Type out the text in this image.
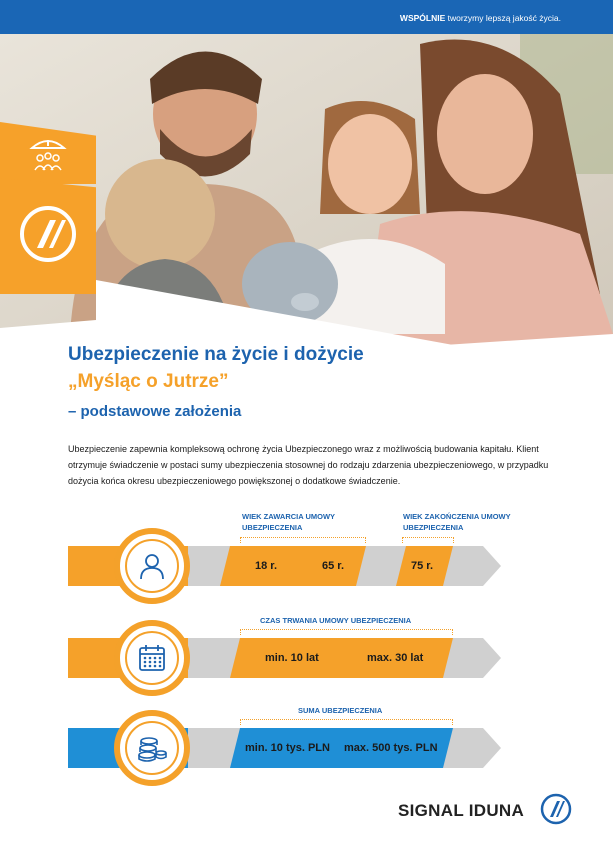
WSPÓLNIE tworzymy lepszą jakość życia.
Ubezpieczenie na życie i dożycie
„Myśląc o Jutrze”
– podstawowe założenia
Ubezpieczenie zapewnia kompleksową ochronę życia Ubezpieczonego wraz z możliwością budowania kapitału. Klient otrzymuje świadczenie w postaci sumy ubezpieczenia stosownej do rodzaju zdarzenia ubezpieczeniowego, w przypadku dożycia końca okresu ubezpieczeniowego powiększonej o dodatkowe świadczenie.
WIEK ZAWARCIA UMOWY UBEZPIECZENIA
WIEK ZAKOŃCZENIA UMOWY UBEZPIECZENIA
18 r.	65 r.	75 r.
CZAS TRWANIA UMOWY UBEZPIECZENIA
min. 10 lat	max. 30 lat
SUMA UBEZPIECZENIA
min. 10 tys. PLN max. 500 tys. PLN
SIGNAL IDUNA
